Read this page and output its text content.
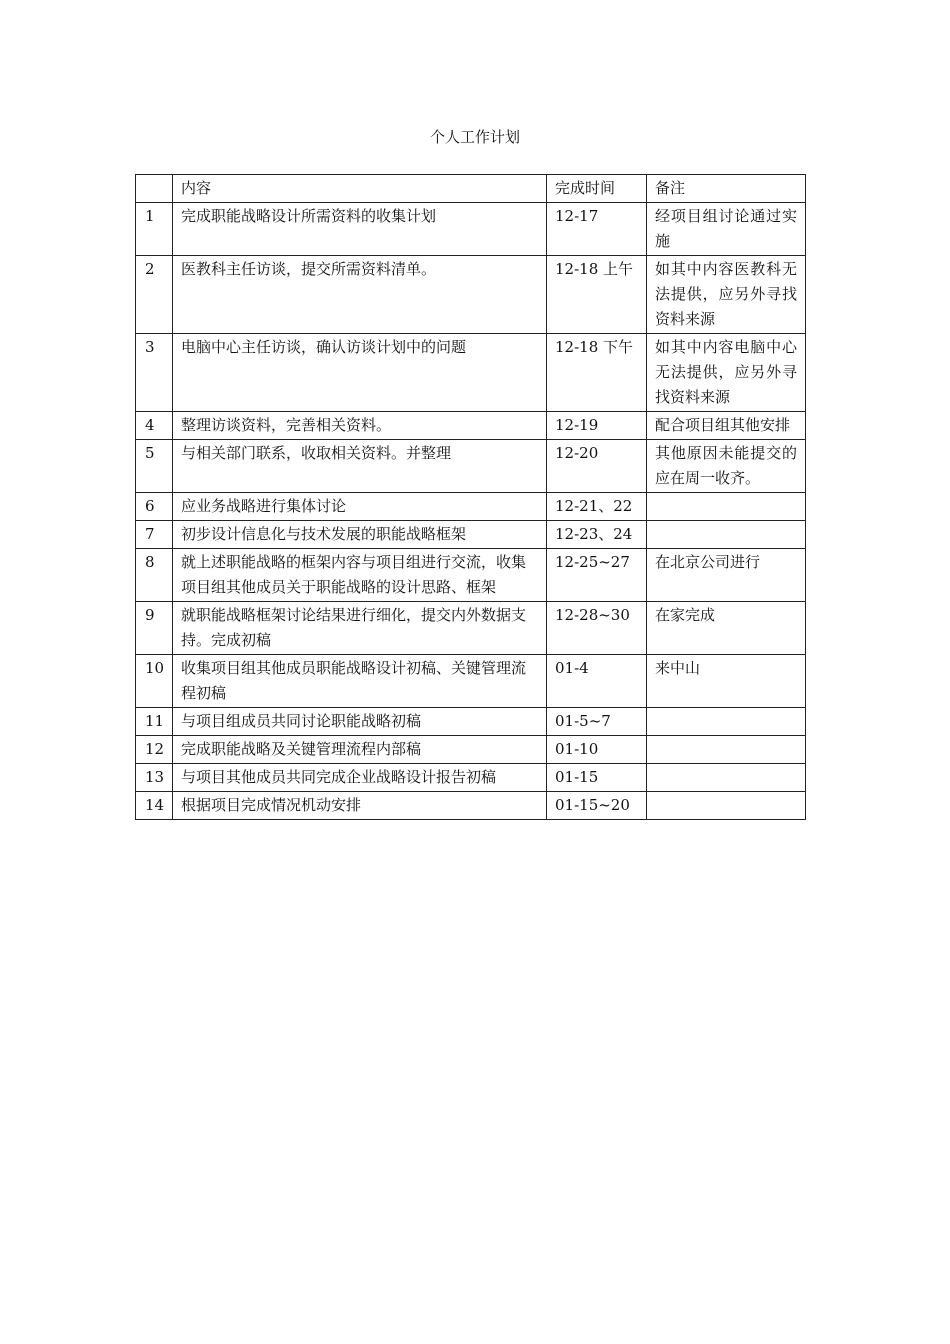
个人工作计划
	内容	完成时间	备注
1	完成职能战略设计所需资料的收集计划	12-17	经项目组讨论通过实施
2	医教科主任访谈，提交所需资料清单。	12-18 上午	如其中内容医教科无法提供，应另外寻找资料来源
3	电脑中心主任访谈，确认访谈计划中的问题	12-18 下午	如其中内容电脑中心无法提供，应另外寻找资料来源
4	整理访谈资料，完善相关资料。	12-19	配合项目组其他安排
5	与相关部门联系，收取相关资料。并整理	12-20	其他原因未能提交的应在周一收齐。
6	应业务战略进行集体讨论	12-21、22	
7	初步设计信息化与技术发展的职能战略框架	12-23、24	
8	就上述职能战略的框架内容与项目组进行交流，收集项目组其他成员关于职能战略的设计思路、框架	12-25~27	在北京公司进行
9	就职能战略框架讨论结果进行细化，提交内外数据支持。完成初稿	12-28~30	在家完成
10	收集项目组其他成员职能战略设计初稿、关键管理流程初稿	01-4	来中山
11	与项目组成员共同讨论职能战略初稿	01-5~7	
12	完成职能战略及关键管理流程内部稿	01-10	
13	与项目其他成员共同完成企业战略设计报告初稿	01-15	
14	根据项目完成情况机动安排	01-15~20	
